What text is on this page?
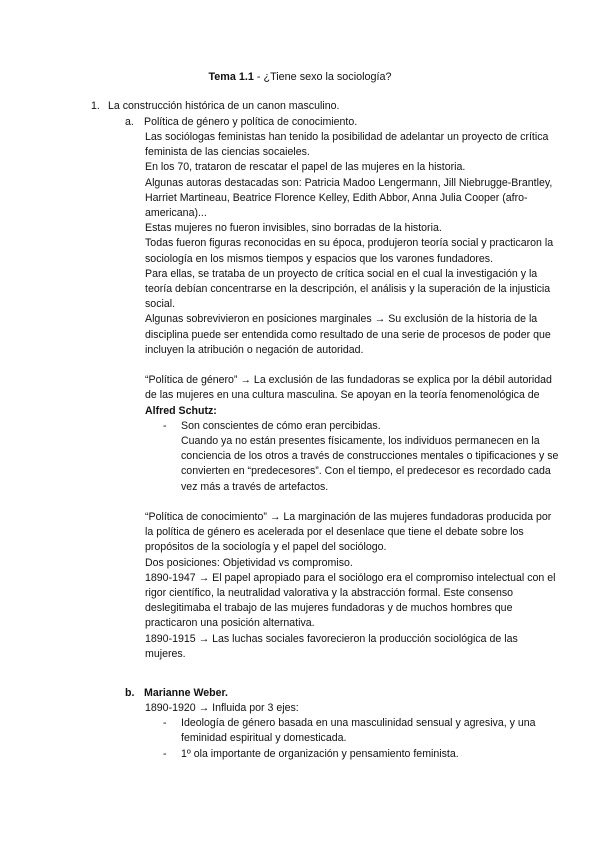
Tema 1.1 - ¿Tiene sexo la sociología?
1. La construcción histórica de un canon masculino.
a. Política de género y política de conocimiento.

Las sociólogas feministas han tenido la posibilidad de adelantar un proyecto de crítica feminista de las ciencias socaieles.

En los 70, trataron de rescatar el papel de las mujeres en la historia.

Algunas autoras destacadas son: Patricia Madoo Lengermann, Jill Niebrugge-Brantley, Harriet Martineau, Beatrice Florence Kelley, Edith Abbor, Anna Julia Cooper (afro-americana)...

Estas mujeres no fueron invisibles, sino borradas de la historia.

Todas fueron figuras reconocidas en su época, produjeron teoría social y practicaron la sociología en los mismos tiempos y espacios que los varones fundadores.

Para ellas, se trataba de un proyecto de crítica social en el cual la investigación y la teoría debían concentrarse en la descripción, el análisis y la superación de la injusticia social.

Algunas sobrevivieron en posiciones marginales → Su exclusión de la historia de la disciplina puede ser entendida como resultado de una serie de procesos de poder que incluyen la atribución o negación de autoridad.

“Política de género” → La exclusión de las fundadoras se explica por la débil autoridad de las mujeres en una cultura masculina. Se apoyan en la teoría fenomenológica de Alfred Schutz:

- Son conscientes de cómo eran percibidas.

Cuando ya no están presentes físicamente, los individuos permanecen en la conciencia de los otros a través de construcciones mentales o tipificaciones y se convierten en “predecesores”. Con el tiempo, el predecesor es recordado cada vez más a través de artefactos.

“Política de conocimiento” → La marginación de las mujeres fundadoras producida por la política de género es acelerada por el desenlace que tiene el debate sobre los propósitos de la sociología y el papel del sociólogo.

Dos posiciones: Objetividad vs compromiso.

1890-1947 → El papel apropiado para el sociólogo era el compromiso intelectual con el rigor científico, la neutralidad valorativa y la abstracción formal. Este consenso deslegitimaba el trabajo de las mujeres fundadoras y de muchos hombres que practicaron una posición alternativa.

1890-1915 → Las luchas sociales favorecieron la producción sociológica de las mujeres.

b. Marianne Weber.

1890-1920 → Influida por 3 ejes:

- Ideología de género basada en una masculinidad sensual y agresiva, y una feminidad espiritual y domesticada.

- 1º ola importante de organización y pensamiento feminista.
